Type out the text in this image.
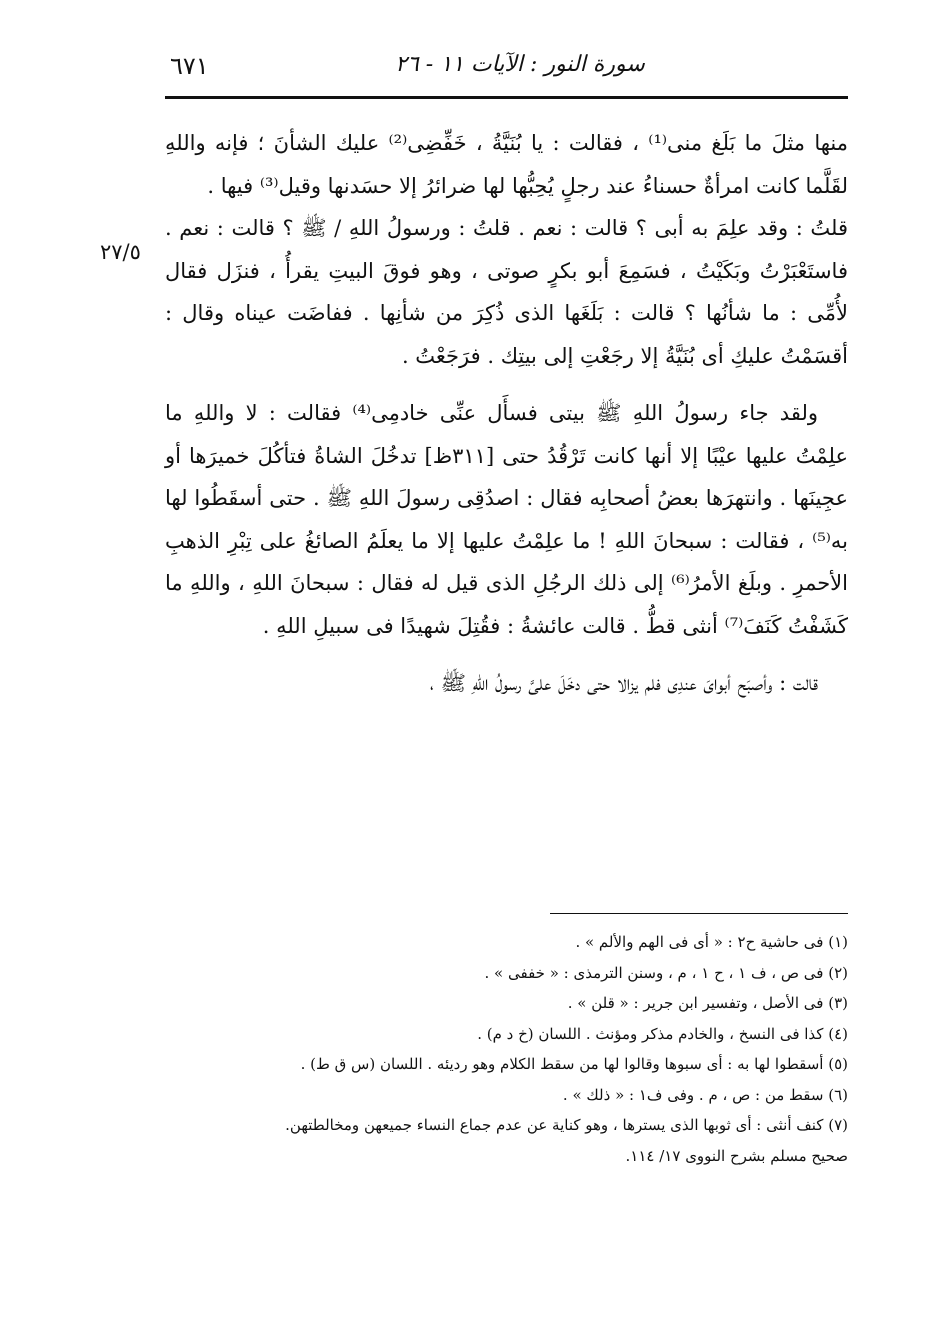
٦٧١	سورة النور : الآيات ١١ - ٢٦
٢٧/٥

منها مثلَ ما بَلَغ منى⁽¹⁾ ، فقالت : يا بُنَيَّةُ ، خَفِّضِى⁽²⁾ عليك الشأنَ ؛ فإنه واللهِ لقَلَّما كانت امرأةٌ حسناءُ عند رجلٍ يُحِبُّها لها ضرائرُ إلا حسَدنها وقيل⁽³⁾ فيها .

قلتُ : وقد علِمَ به أبى ؟ قالت : نعم . قلتُ : ورسولُ اللهِ / ﷺ ؟ قالت : نعم . فاستَعْبَرْتُ وبَكَيْتُ ، فسَمِعَ أبو بكرٍ صوتى ، وهو فوقَ البيتِ يقرأُ ، فنزَل فقال لأُمِّى : ما شأنُها ؟ قالت : بَلَغَها الذى ذُكِرَ من شأنِها . ففاضَت عيناه وقال : أقسَمْتُ عليكِ أى بُنَيَّةُ إلا رجَعْتِ إلى بيتِك . فرَجَعْتُ .

ولقد جاء رسولُ اللهِ ﷺ بيتى فسأَل عنِّى خادمِى⁽⁴⁾ فقالت : لا واللهِ ما علِمْتُ عليها عيْبًا إلا أنها كانت تَرْقُدُ حتى [٣١١ظ] تدخُلَ الشاةُ فتأكُلَ خميرَها أو عجِينَها . وانتهرَها بعضُ أصحابِه فقال : اصدُقِى رسولَ اللهِ ﷺ . حتى أسقَطُوا لها به⁽⁵⁾ ، فقالت : سبحانَ اللهِ ! ما علِمْتُ عليها إلا ما يعلَمُ الصائغُ على تِبْرِ الذهبِ الأحمرِ . وبلَغ الأمرُ⁽⁶⁾ إلى ذلك الرجُلِ الذى قيل له فقال : سبحانَ اللهِ ، واللهِ ما كَشَفْتُ كَنَفَ⁽⁷⁾ أنثى قطُّ . قالت عائشةُ : فقُتِلَ شهيدًا فى سبيلِ اللهِ .

قالت : وأصبَح أبوایَ عندِى فلم يزالا حتى دخَلَ علىَّ رسولُ اللهِ ﷺ ،

(١) فى حاشية ح٢ : « أى فى الهم والألم » .

(٢) فى ص ، ف ١ ، ح ١ ، م ، وسنن الترمذى : « خففى » .

(٣) فى الأصل ، وتفسير ابن جرير : « قلن » .

(٤) كذا فى النسخ ، والخادم مذكر ومؤنث . اللسان (خ د م) .

(٥) أسقطوا لها به : أى سبوها وقالوا لها من سقط الكلام وهو رديئه . اللسان (س ق ط) .

(٦) سقط من : ص ، م . وفى ف١ : « ذلك » .

(٧) كنف أنثى : أى ثوبها الذى يسترها ، وهو كناية عن عدم جماع النساء جميعهن ومخالطتهن.

صحيح مسلم بشرح النووى ١٧/ ١١٤.
